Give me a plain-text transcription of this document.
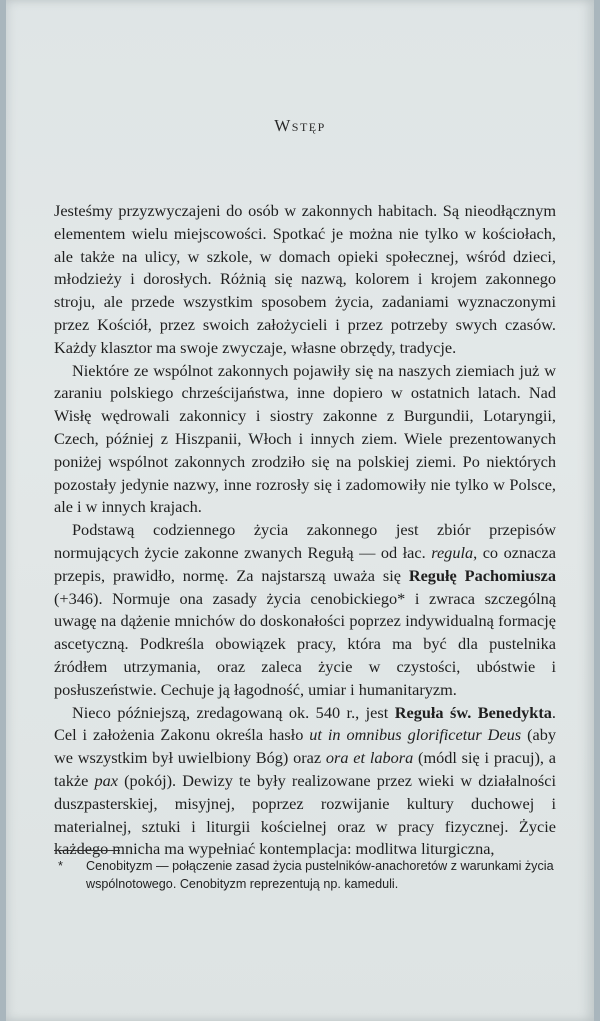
Wstęp

Jesteśmy przyzwyczajeni do osób w zakonnych habitach. Są nieodłącznym elementem wielu miejscowości. Spotkać je można nie tylko w kościołach, ale także na ulicy, w szkole, w domach opieki społecznej, wśród dzieci, młodzieży i dorosłych. Różnią się nazwą, kolorem i krojem zakonnego stroju, ale przede wszystkim sposobem życia, zadaniami wyznaczonymi przez Kościół, przez swoich założycieli i przez potrzeby swych czasów. Każdy klasztor ma swoje zwyczaje, własne obrzędy, tradycje.

Niektóre ze wspólnot zakonnych pojawiły się na naszych ziemiach już w zaraniu polskiego chrześcijaństwa, inne dopiero w ostatnich latach. Nad Wisłę wędrowali zakonnicy i siostry zakonne z Burgundii, Lotaryngii, Czech, później z Hiszpanii, Włoch i innych ziem. Wiele prezentowanych poniżej wspólnot zakonnych zrodziło się na polskiej ziemi. Po niektórych pozostały jedynie nazwy, inne rozrosły się i zadomowiły nie tylko w Polsce, ale i w innych krajach.

Podstawą codziennego życia zakonnego jest zbiór przepisów normujących życie zakonne zwanych Regułą — od łac. regula, co oznacza przepis, prawidło, normę. Za najstarszą uważa się Regułę Pachomiusza (+346). Normuje ona zasady życia cenobickiego* i zwraca szczególną uwagę na dążenie mnichów do doskonałości poprzez indywidualną formację ascetyczną. Podkreśla obowiązek pracy, która ma być dla pustelnika źródłem utrzymania, oraz zaleca życie w czystości, ubóstwie i posłuszeństwie. Cechuje ją łagodność, umiar i humanitaryzm.

Nieco późniejszą, zredagowaną ok. 540 r., jest Reguła św. Benedykta. Cel i założenia Zakonu określa hasło ut in omnibus glorificetur Deus (aby we wszystkim był uwielbiony Bóg) oraz ora et labora (módl się i pracuj), a także pax (pokój). Dewizy te były realizowane przez wieki w działalności duszpasterskiej, misyjnej, poprzez rozwijanie kultury duchowej i materialnej, sztuki i liturgii kościelnej oraz w pracy fizycznej. Życie każdego mnicha ma wypełniać kontemplacja: modlitwa liturgiczna,

* Cenobityzm — połączenie zasad życia pustelników-anachoretów z warunkami życia wspólnotowego. Cenobityzm reprezentują np. kameduli.
